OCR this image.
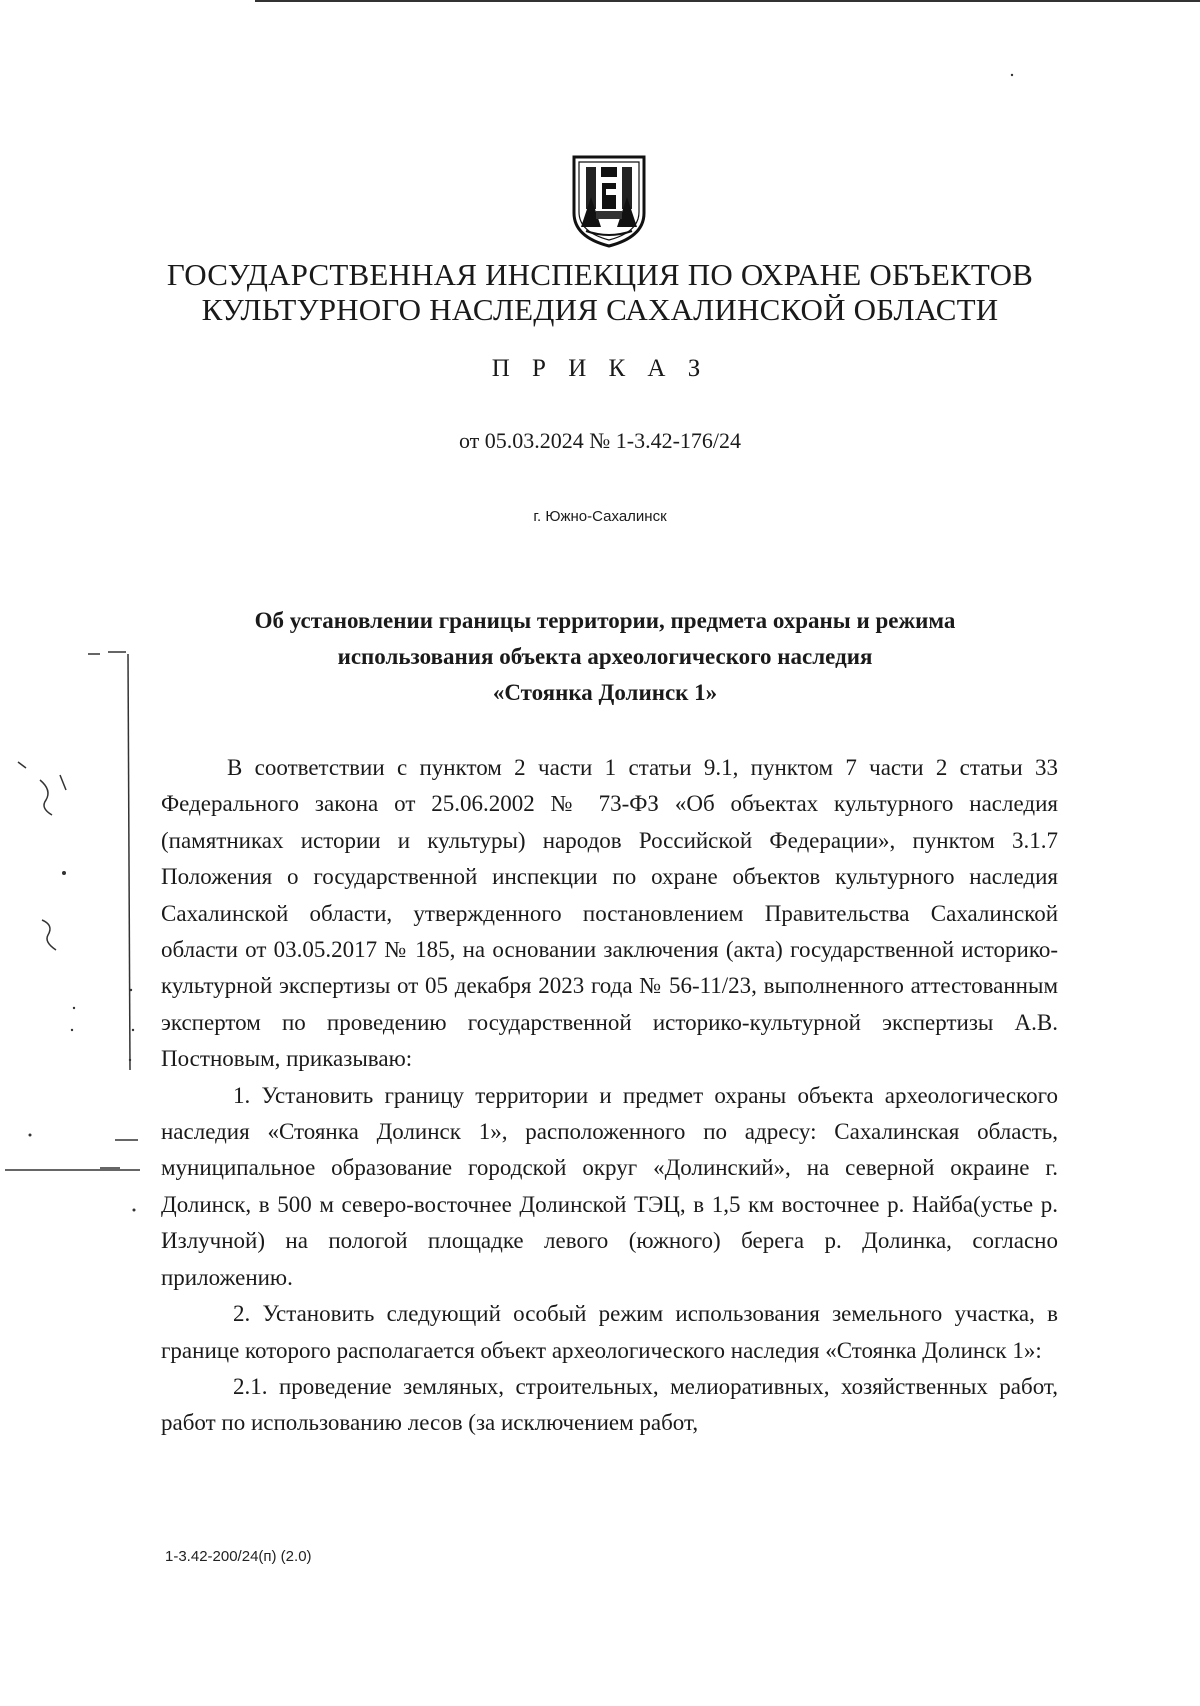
ГОСУДАРСТВЕННАЯ ИНСПЕКЦИЯ ПО ОХРАНЕ ОБЪЕКТОВ
КУЛЬТУРНОГО НАСЛЕДИЯ САХАЛИНСКОЙ ОБЛАСТИ
П Р И К А З
от 05.03.2024 № 1-3.42-176/24
г. Южно-Сахалинск
Об установлении границы территории, предмета охраны и режима
использования объекта археологического наследия
«Стоянка Долинск 1»

В соответствии с пунктом 2 части 1 статьи 9.1, пунктом 7 части 2 статьи 33 Федерального закона от 25.06.2002 № 73-ФЗ «Об объектах культурного наследия (памятниках истории и культуры) народов Российской Федерации», пунктом 3.1.7 Положения о государственной инспекции по охране объектов культурного наследия Сахалинской области, утвержденного постановлением Правительства Сахалинской области от 03.05.2017 № 185, на основании заключения (акта) государственной историко-культурной экспертизы от 05 декабря 2023 года № 56-11/23, выполненного аттестованным экспертом по проведению государственной историко-культурной экспертизы А.В. Постновым, приказываю:

1. Установить границу территории и предмет охраны объекта археологического наследия «Стоянка Долинск 1», расположенного по адресу: Сахалинская область, муниципальное образование городской округ «Долинский», на северной окраине г. Долинск, в 500 м северо-восточнее Долинской ТЭЦ, в 1,5 км восточнее р. Найба(устье р. Излучной) на пологой площадке левого (южного) берега р. Долинка, согласно приложению.

2. Установить следующий особый режим использования земельного участка, в границе которого располагается объект археологического наследия «Стоянка Долинск 1»:

2.1. проведение земляных, строительных, мелиоративных, хозяйственных работ, работ по использованию лесов (за исключением работ,

1-3.42-200/24(п) (2.0)
